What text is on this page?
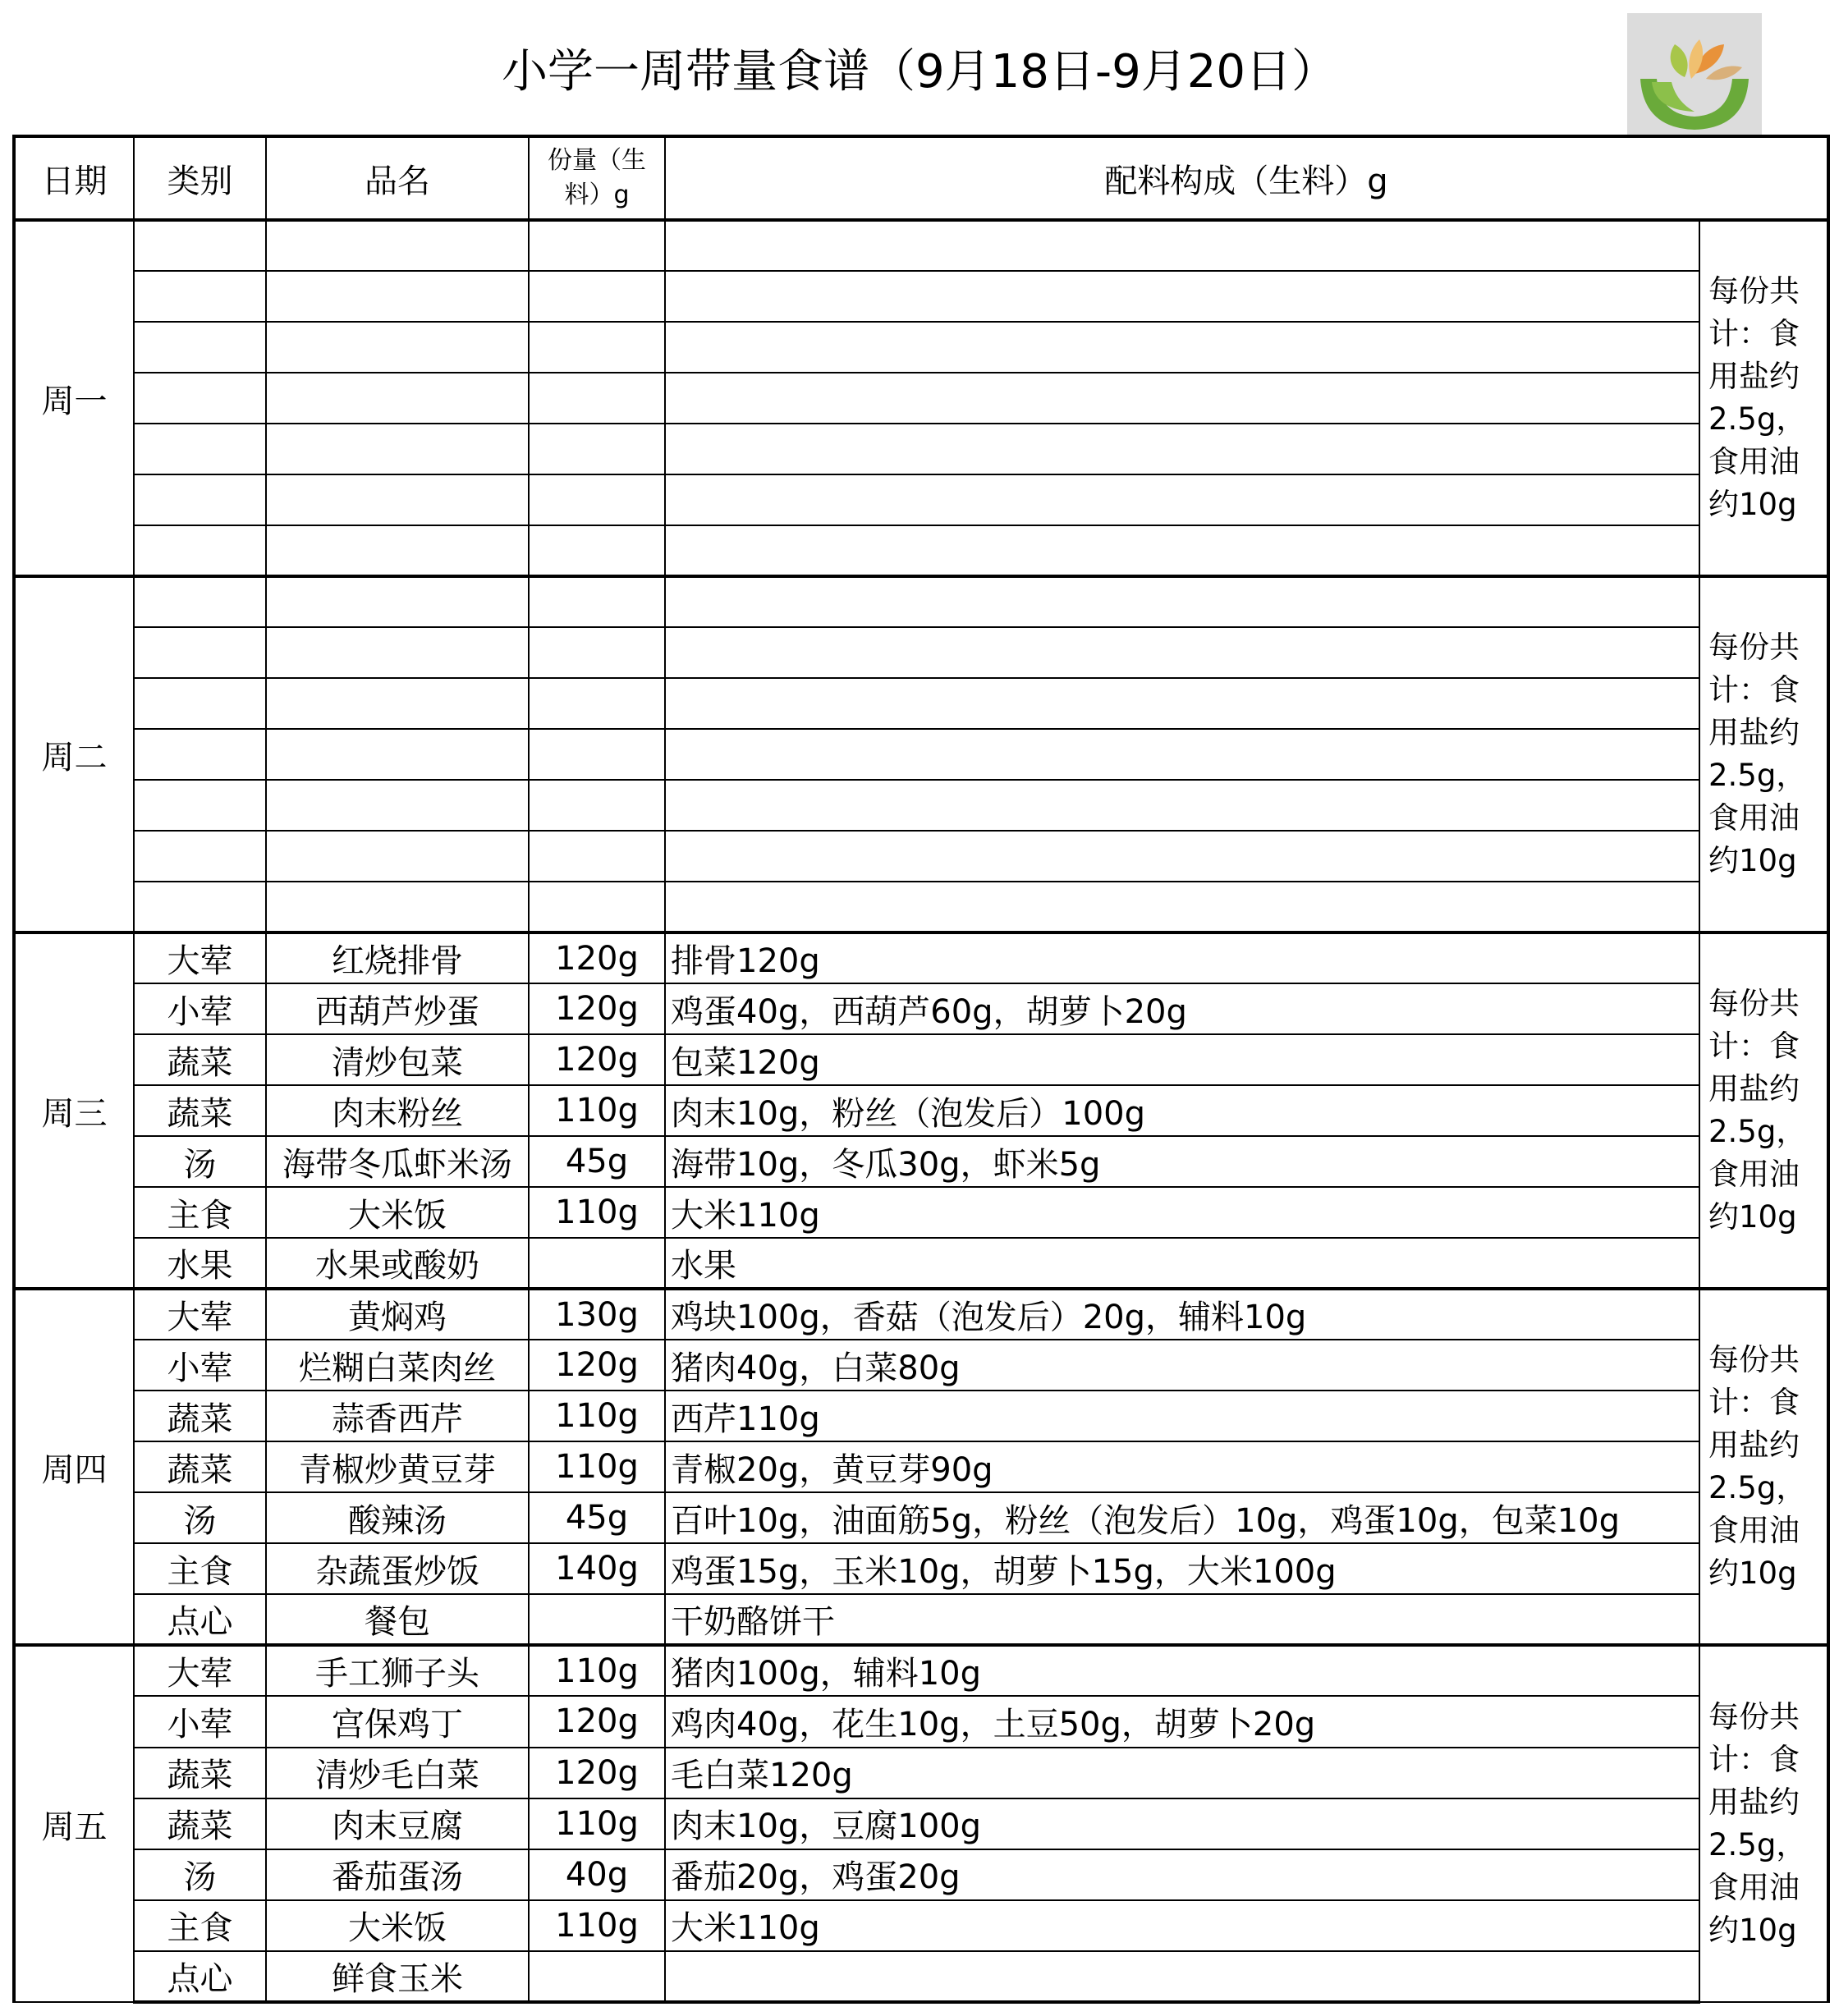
小学一周带量食谱（9月18日-9月20日）
日期	类别	品名	份量（生料）g	配料构成（生料）g	
周一					每份共计：食用盐约2.5g，食用油约10g

周二					每份共计：食用盐约2.5g，食用油约10g

周三	大荤	红烧排骨	120g	排骨120g	每份共计：食用盐约2.5g，食用油约10g
	小荤	西葫芦炒蛋	120g	鸡蛋40g，西葫芦60g，胡萝卜20g	
	蔬菜	清炒包菜	120g	包菜120g	
	蔬菜	肉末粉丝	110g	肉末10g，粉丝（泡发后）100g	
	汤	海带冬瓜虾米汤	45g	海带10g，冬瓜30g，虾米5g	
	主食	大米饭	110g	大米110g	
	水果	水果或酸奶		水果	
周四	大荤	黄焖鸡	130g	鸡块100g，香菇（泡发后）20g，辅料10g	每份共计：食用盐约2.5g，食用油约10g
	小荤	烂糊白菜肉丝	120g	猪肉40g，白菜80g	
	蔬菜	蒜香西芹	110g	西芹110g	
	蔬菜	青椒炒黄豆芽	110g	青椒20g，黄豆芽90g	
	汤	酸辣汤	45g	百叶10g，油面筋5g，粉丝（泡发后）10g，鸡蛋10g，包菜10g	
	主食	杂蔬蛋炒饭	140g	鸡蛋15g，玉米10g，胡萝卜15g，大米100g	
	点心	餐包		干奶酪饼干	
周五	大荤	手工狮子头	110g	猪肉100g，辅料10g	每份共计：食用盐约2.5g，食用油约10g
	小荤	宫保鸡丁	120g	鸡肉40g，花生10g，土豆50g，胡萝卜20g	
	蔬菜	清炒毛白菜	120g	毛白菜120g	
	蔬菜	肉末豆腐	110g	肉末10g，豆腐100g	
	汤	番茄蛋汤	40g	番茄20g，鸡蛋20g	
	主食	大米饭	110g	大米110g	
	点心	鲜食玉米			
